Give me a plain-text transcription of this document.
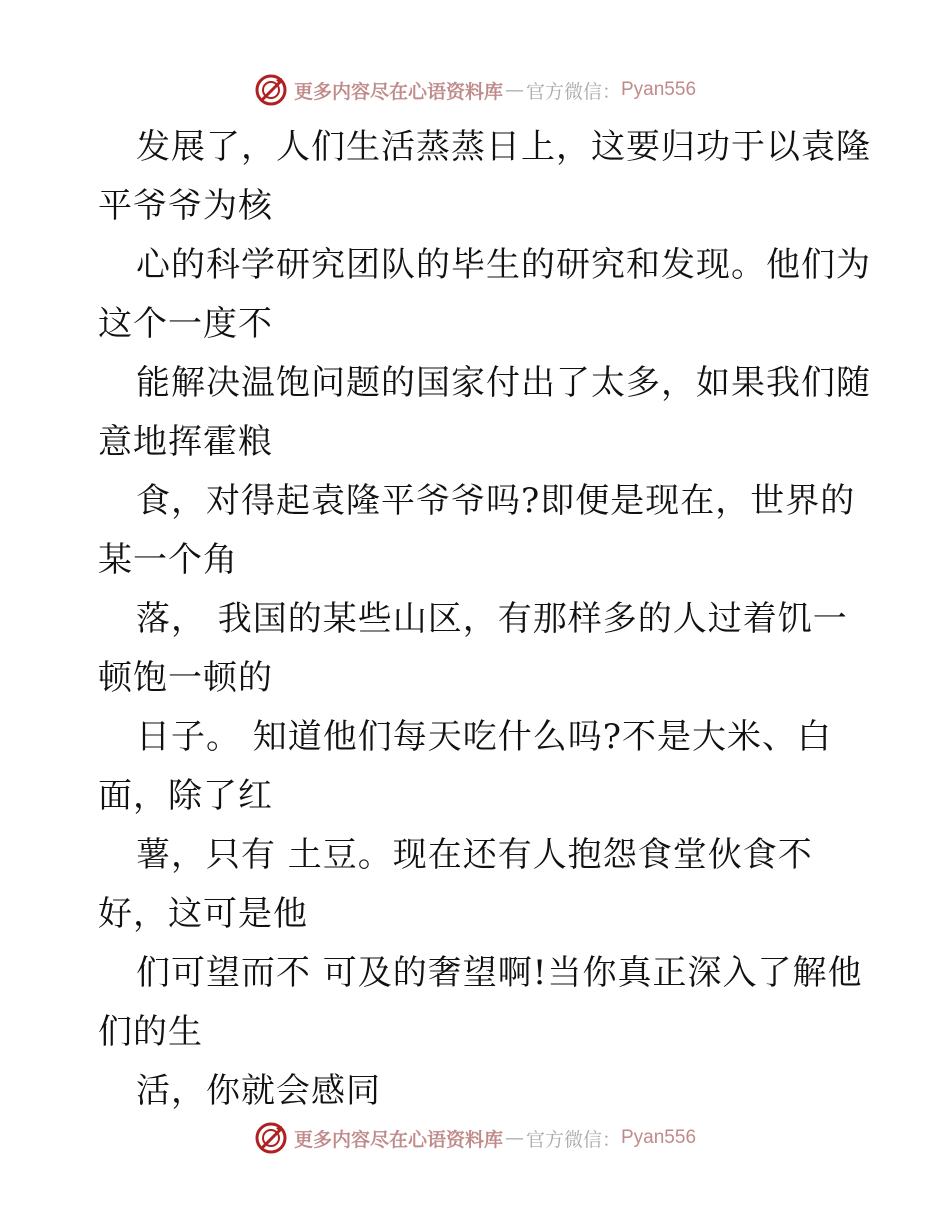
更多内容尽在心语资料库 — 官方微信： Pyan556
发展了，人们生活蒸蒸日上，这要归功于以袁隆
平爷爷为核
心的科学研究团队的毕生的研究和发现。他们为
这个一度不
能解决温饱问题的国家付出了太多，如果我们随
意地挥霍粮
食，对得起袁隆平爷爷吗?即便是现在，世界的
某一个角
落， 我国的某些山区，有那样多的人过着饥一
顿饱一顿的
日子。 知道他们每天吃什么吗?不是大米、白
面，除了红
薯，只有 土豆。现在还有人抱怨食堂伙食不
好，这可是他
们可望而不 可及的奢望啊!当你真正深入了解他
们的生
活，你就会感同
更多内容尽在心语资料库 — 官方微信： Pyan556
